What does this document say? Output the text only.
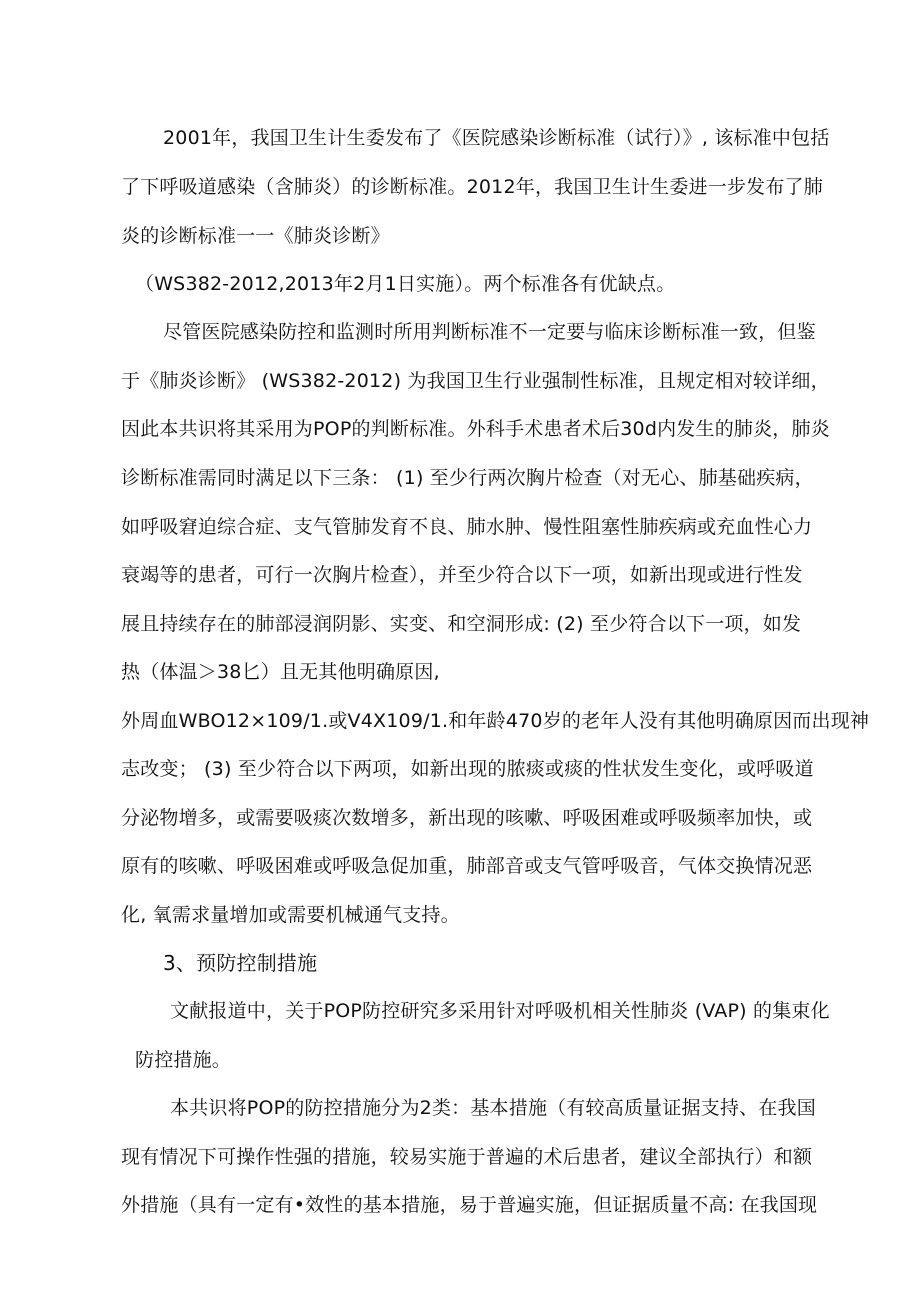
2001年，我国卫生计生委发布了《医院感染诊断标准（试行）》, 该标准中包括
了下呼吸道感染（含肺炎）的诊断标准。2012年，我国卫生计生委进一步发布了肺
炎的诊断标准一一《肺炎诊断》
（WS382-2012,2013年2月1日实施）。两个标准各有优缺点。
尽管医院感染防控和监测时所用判断标准不一定要与临床诊断标准一致，但鉴
于《肺炎诊断》 (WS382-2012) 为我国卫生行业强制性标准，且规定相对较详细，
因此本共识将其采用为POP的判断标准。外科手术患者术后30d内发生的肺炎，肺炎
诊断标准需同时满足以下三条： (1) 至少行两次胸片检查（对无心、肺基础疾病，
如呼吸窘迫综合症、支气管肺发育不良、肺水肿、慢性阻塞性肺疾病或充血性心力
衰竭等的患者，可行一次胸片检查），并至少符合以下一项，如新出现或进行性发
展且持续存在的肺部浸润阴影、实变、和空洞形成: (2) 至少符合以下一项，如发
热（体温＞38匕）且无其他明确原因,
外周血WBO12×109/1.或V4X109/1.和年龄470岁的老年人没有其他明确原因而出现神
志改变； (3) 至少符合以下两项，如新出现的脓痰或痰的性状发生变化，或呼吸道
分泌物增多，或需要吸痰次数增多，新出现的咳嗽、呼吸困难或呼吸频率加快，或
原有的咳嗽、呼吸困难或呼吸急促加重，肺部音或支气管呼吸音，气体交换情况恶
化, 氧需求量增加或需要机械通气支持。
3、预防控制措施
文献报道中，关于POP防控研究多采用针对呼吸机相关性肺炎 (VAP) 的集束化
防控措施。
本共识将POP的防控措施分为2类：基本措施（有较高质量证据支持、在我国
现有情况下可操作性强的措施，较易实施于普遍的术后患者，建议全部执行）和额
外措施（具有一定有•效性的基本措施，易于普遍实施，但证据质量不高: 在我国现
